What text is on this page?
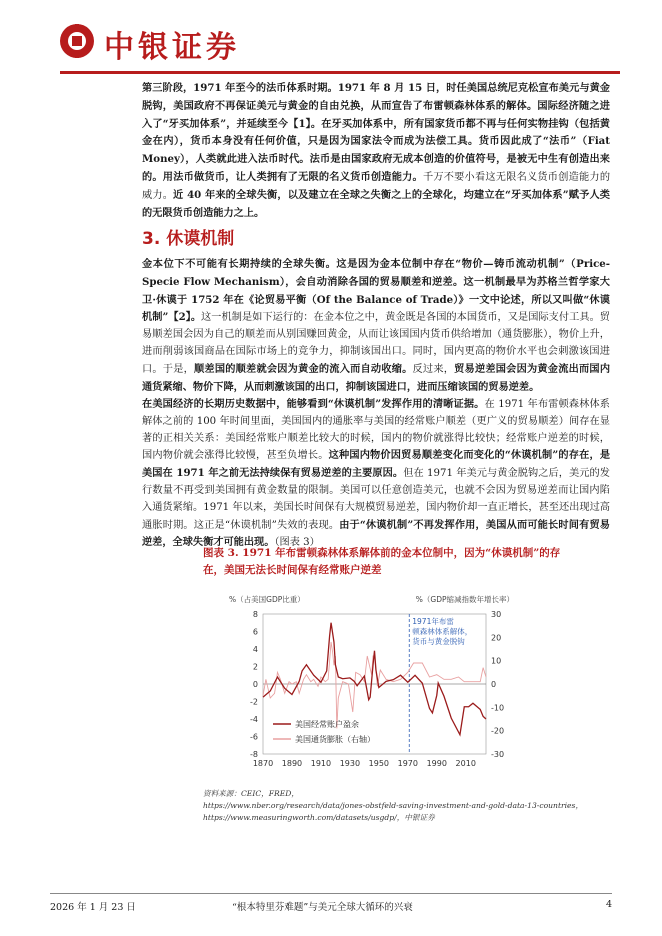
中银证券
第三阶段，1971 年至今的法币体系时期。1971 年 8 月 15 日，时任美国总统尼克松宣布美元与黄金脱钩，美国政府不再保证美元与黄金的自由兑换，从而宣告了布雷顿森林体系的解体。国际经济随之进入了“牙买加体系”，并延续至今【1】。在牙买加体系中，所有国家货币都不再与任何实物挂钩（包括黄金在内），货币本身没有任何价值，只是因为国家法令而成为法偿工具。货币因此成了“法币”（Fiat Money），人类就此进入法币时代。法币是由国家政府无成本创造的价值符号，是被无中生有创造出来的。用法币做货币，让人类拥有了无限的名义货币创造能力。千万不要小看这无限名义货币创造能力的威力。近 40 年来的全球失衡，以及建立在全球之失衡之上的全球化，均建立在“牙买加体系”赋予人类的无限货币创造能力之上。
3. 休谟机制
金本位下不可能有长期持续的全球失衡。这是因为金本位制中存在“物价—铸币流动机制”（Price-Specie Flow Mechanism），会自动消除各国的贸易顺差和逆差。这一机制最早为苏格兰哲学家大卫·休谟于 1752 年在《论贸易平衡（Of the Balance of Trade）》一文中论述，所以又叫做“休谟机制”【2】。这一机制是如下运行的：在金本位之中，黄金既是各国的本国货币，又是国际支付工具。贸易顺差国会因为自己的顺差而从别国赚回黄金，从而让该国国内货币供给增加（通货膨胀），物价上升，进而削弱该国商品在国际市场上的竞争力，抑制该国出口。同时，国内更高的物价水平也会刺激该国进口。于是，顺差国的顺差就会因为黄金的流入而自动收缩。反过来，贸易逆差国会因为黄金流出而国内通货紧缩、物价下降，从而刺激该国的出口，抑制该国进口，进而压缩该国的贸易逆差。
在美国经济的长期历史数据中，能够看到“休谟机制”发挥作用的清晰证据。在 1971 年布雷顿森林体系解体之前的 100 年时间里面，美国国内的通胀率与美国的经常账户顺差（更广义的贸易顺差）间存在显著的正相关关系：美国经常账户顺差比较大的时候，国内的物价就涨得比较快；经常账户逆差的时候，国内物价就会涨得比较慢，甚至负增长。这种国内物价因贸易顺差变化而变化的“休谟机制”的存在，是美国在 1971 年之前无法持续保有贸易逆差的主要原因。但在 1971 年美元与黄金脱钩之后，美元的发行数量不再受到美国拥有黄金数量的限制。美国可以任意创造美元，也就不会因为贸易逆差而让国内陷入通货紧缩。1971 年以来，美国长时间保有大规模贸易逆差，国内物价却一直正增长，甚至还出现过高通胀时期。这正是“休谟机制”失效的表现。由于“休谟机制”不再发挥作用，美国从而可能长时间有贸易逆差，全球失衡才可能出现。（图表 3）
图表 3. 1971 年布雷顿森林体系解体前的金本位制中，因为“休谟机制”的存在，美国无法长时间保有经常账户逆差
%（占美国GDP比重）	%（GDP缩减指数年增长率）
8
6
4
2
0
-2
-4
-6
-8
30
20
10
0
-10
-20
-30
1870 1890 1910 1930 1950 1970 1990 2010
1971年布雷
顿森林体系解体，
货币与黄金脱钩
美国经常账户盈余
美国通货膨胀（右轴）
资料来源：CEIC，FRED，
https://www.nber.org/research/data/jones-obstfeld-saving-investment-and-gold-data-13-countries，
https://www.measuringworth.com/datasets/usgdp/，中银证券
2026 年 1 月 23 日	“根本特里芬难题”与美元全球大循环的兴衰	4
